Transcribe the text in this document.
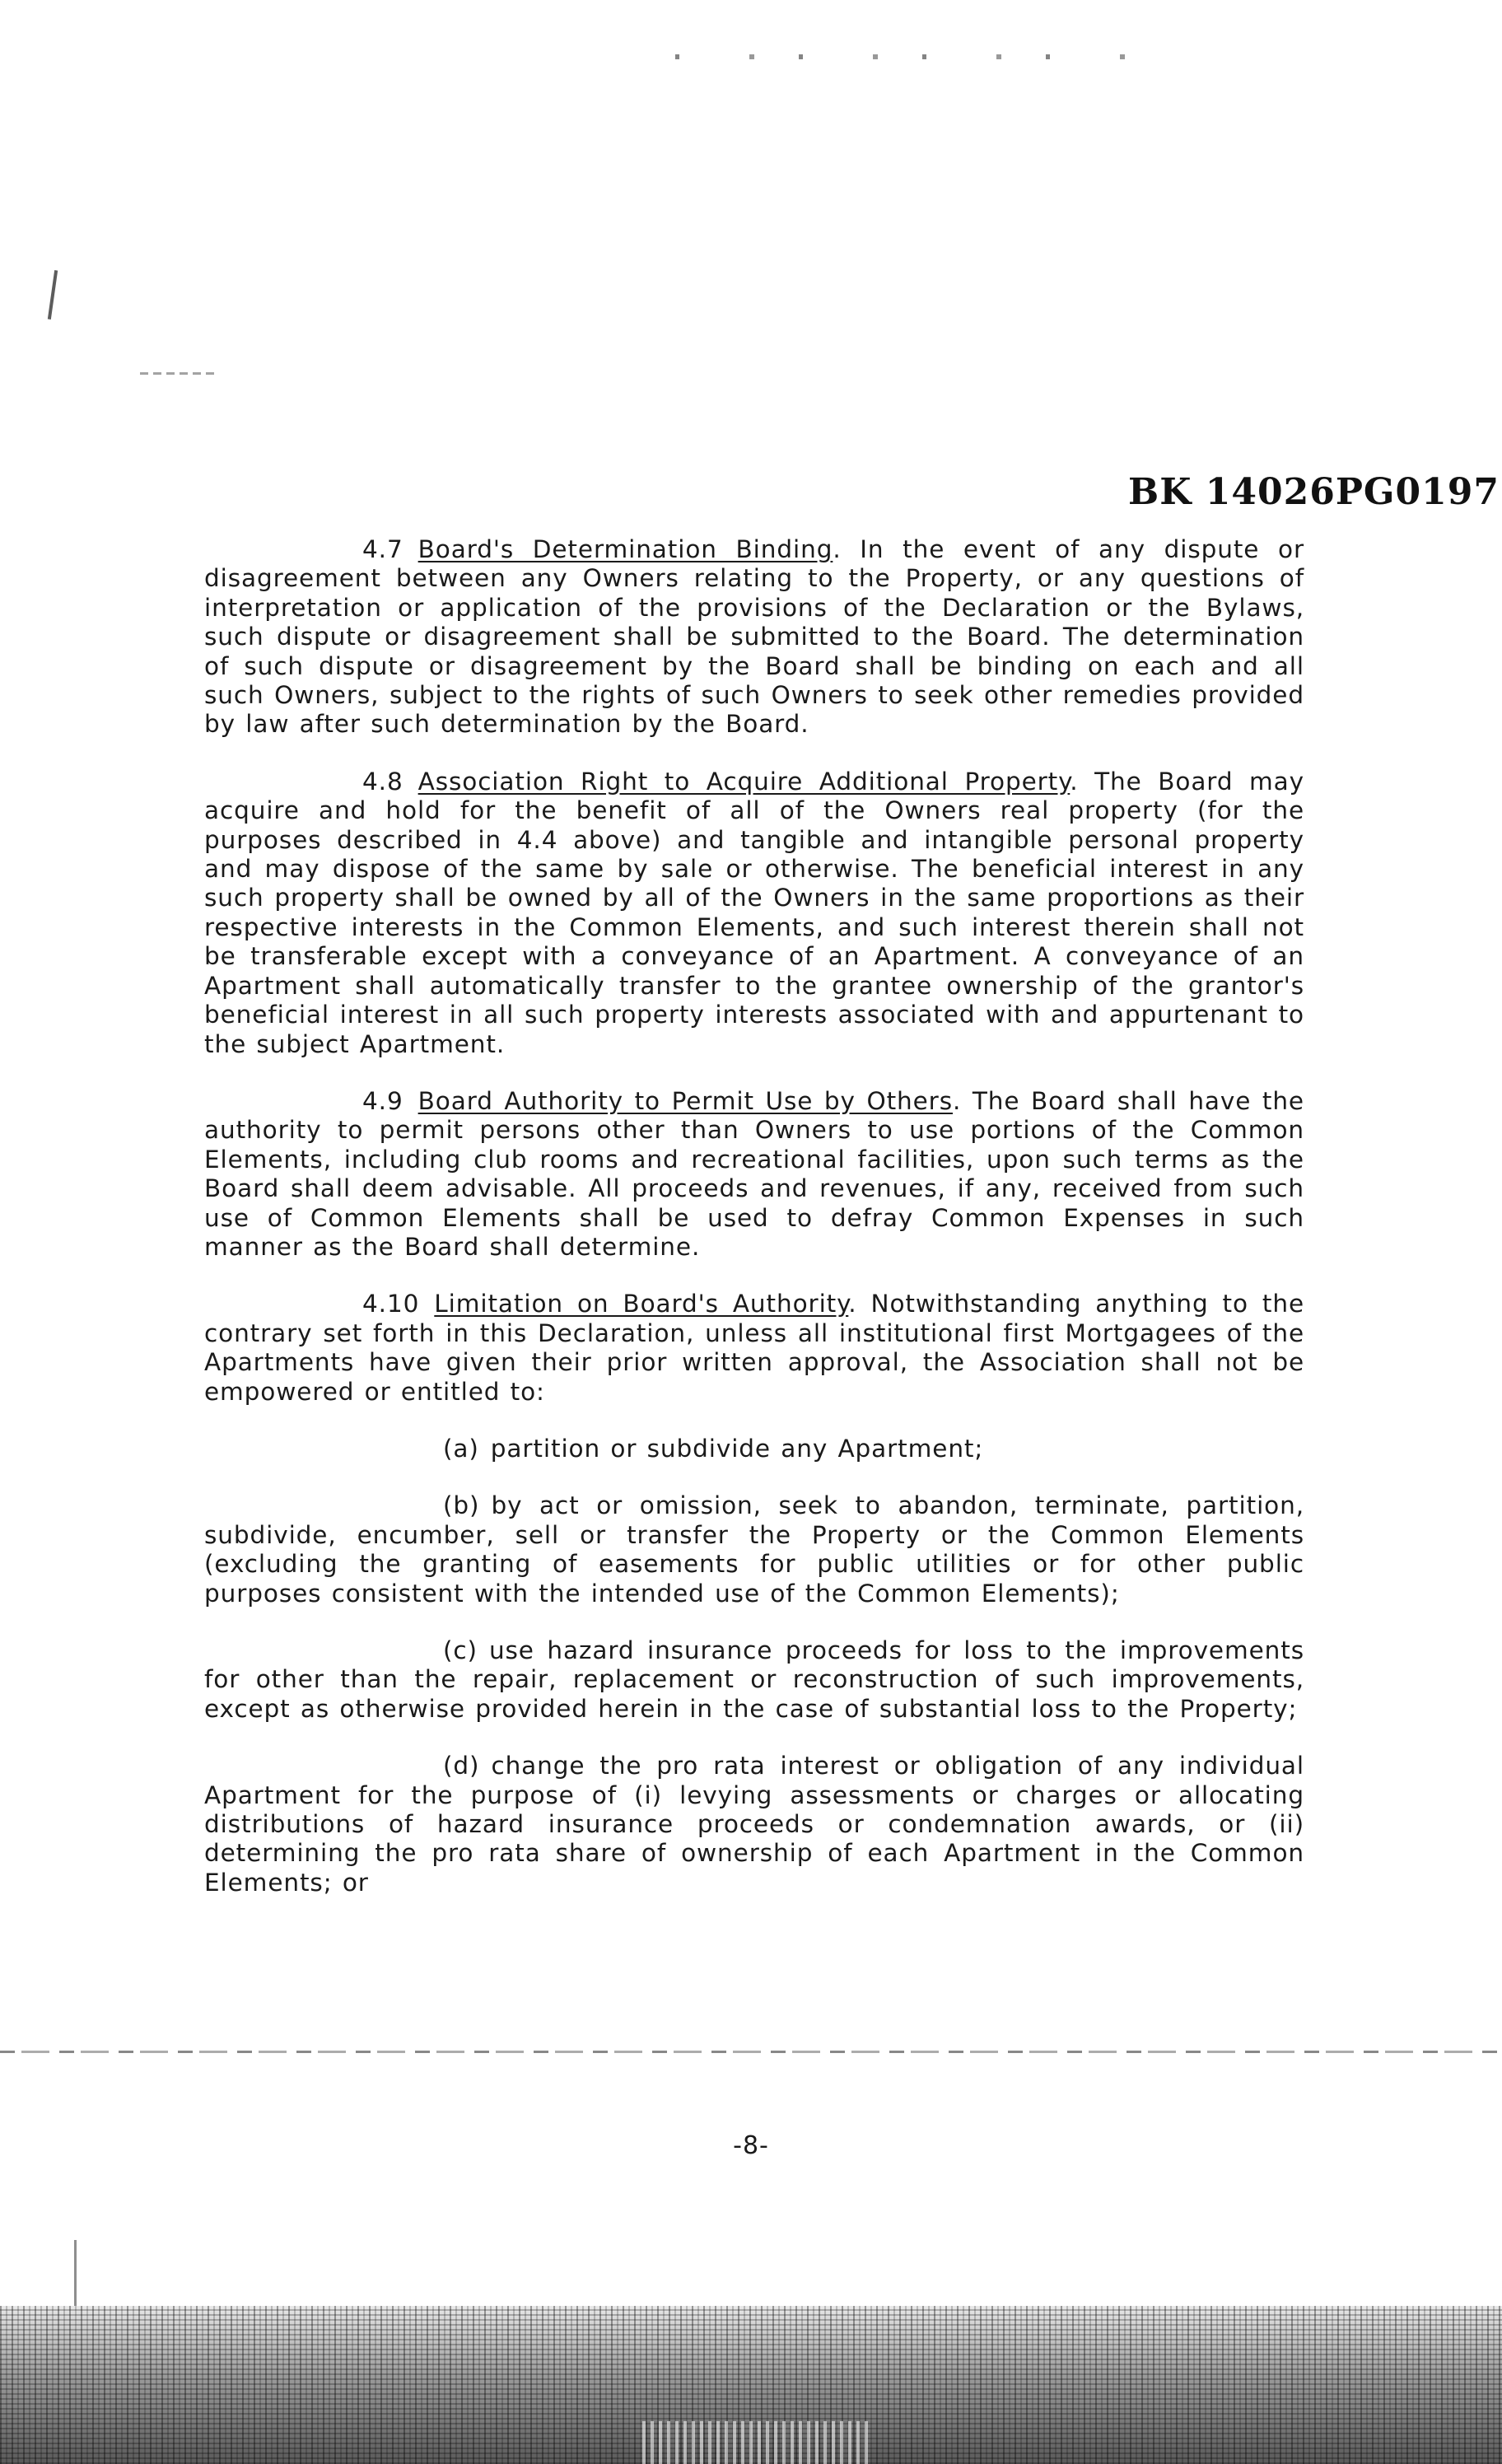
BK 14026PG0197

4.7 Board's Determination Binding. In the event of any dispute or disagreement between any Owners relating to the Property, or any questions of interpretation or application of the provisions of the Declaration or the Bylaws, such dispute or disagreement shall be submitted to the Board. The determination of such dispute or disagreement by the Board shall be binding on each and all such Owners, subject to the rights of such Owners to seek other remedies provided by law after such determination by the Board.

4.8 Association Right to Acquire Additional Property. The Board may acquire and hold for the benefit of all of the Owners real property (for the purposes described in 4.4 above) and tangible and intangible personal property and may dispose of the same by sale or otherwise. The beneficial interest in any such property shall be owned by all of the Owners in the same proportions as their respective interests in the Common Elements, and such interest therein shall not be transferable except with a conveyance of an Apartment. A conveyance of an Apartment shall automatically transfer to the grantee ownership of the grantor's beneficial interest in all such property interests associated with and appurtenant to the subject Apartment.

4.9 Board Authority to Permit Use by Others. The Board shall have the authority to permit persons other than Owners to use portions of the Common Elements, including club rooms and recreational facilities, upon such terms as the Board shall deem advisable. All proceeds and revenues, if any, received from such use of Common Elements shall be used to defray Common Expenses in such manner as the Board shall determine.

4.10 Limitation on Board's Authority. Notwithstanding anything to the contrary set forth in this Declaration, unless all institutional first Mortgagees of the Apartments have given their prior written approval, the Association shall not be empowered or entitled to:

(a) partition or subdivide any Apartment;

(b) by act or omission, seek to abandon, terminate, partition, subdivide, encumber, sell or transfer the Property or the Common Elements (excluding the granting of easements for public utilities or for other public purposes consistent with the intended use of the Common Elements);

(c) use hazard insurance proceeds for loss to the improvements for other than the repair, replacement or reconstruction of such improvements, except as otherwise provided herein in the case of substantial loss to the Property;

(d) change the pro rata interest or obligation of any individual Apartment for the purpose of (i) levying assessments or charges or allocating distributions of hazard insurance proceeds or condemnation awards, or (ii) determining the pro rata share of ownership of each Apartment in the Common Elements; or

-8-
